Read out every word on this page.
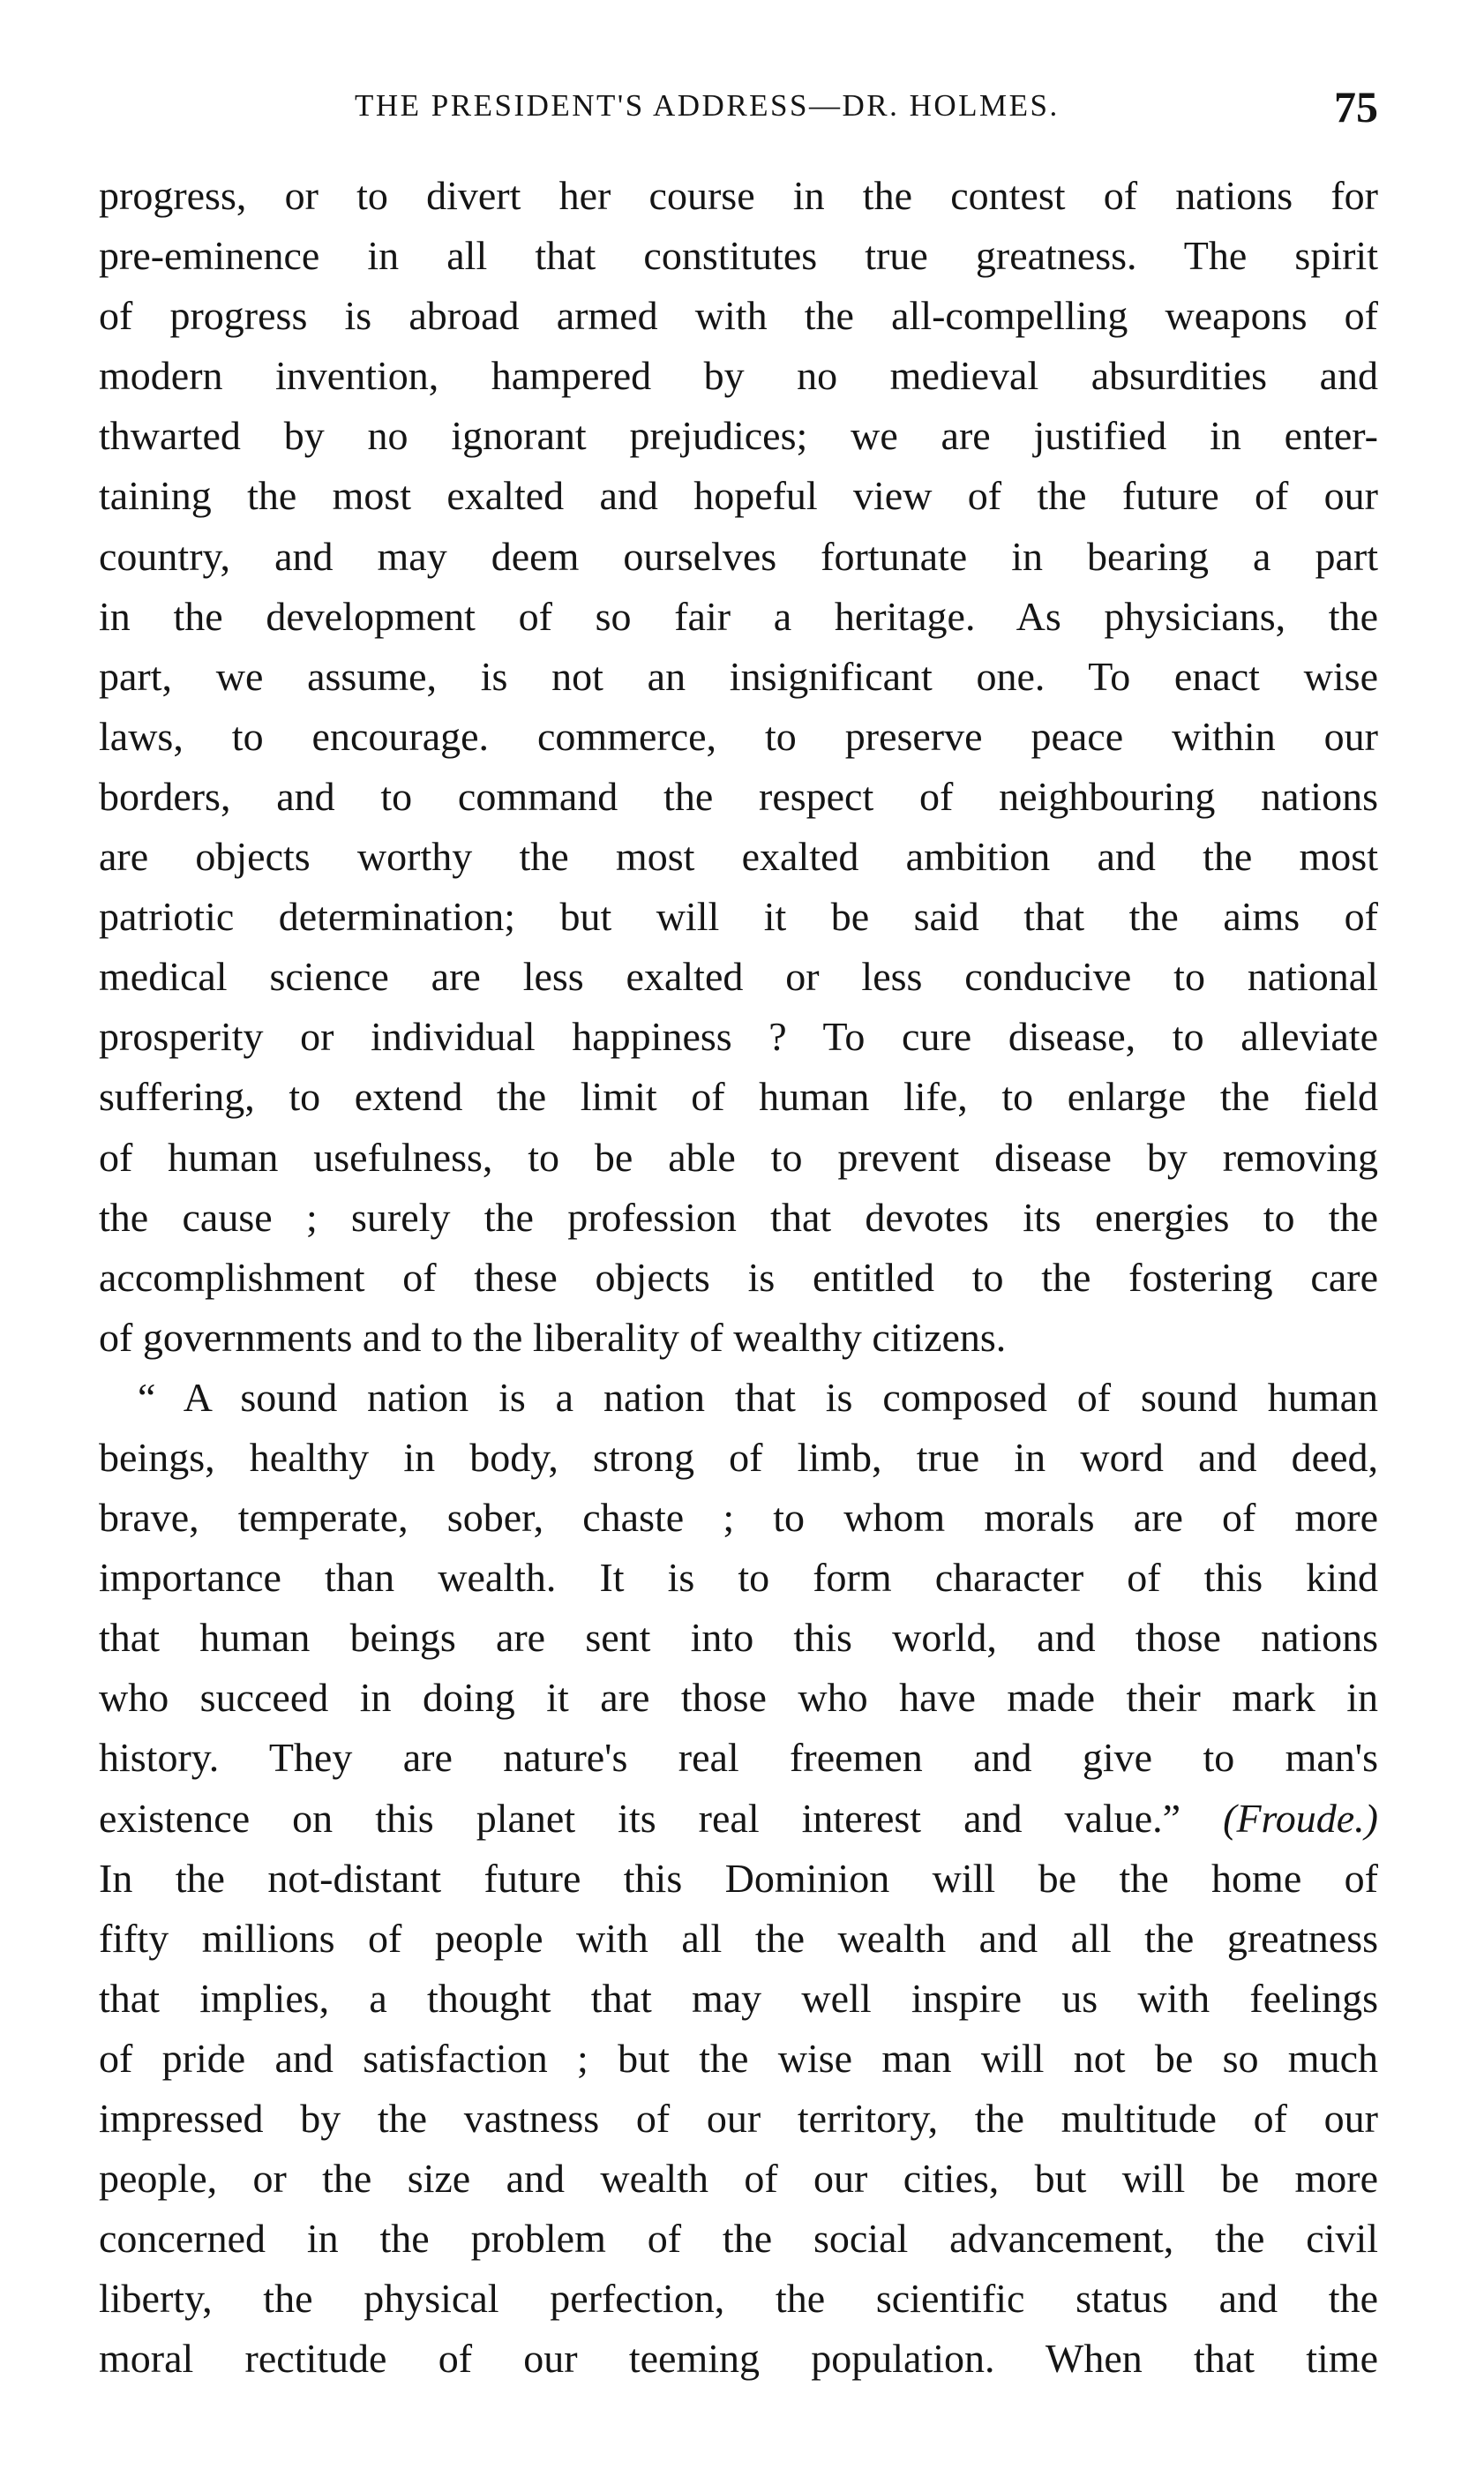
THE PRESIDENT'S ADDRESS—DR. HOLMES.	75
progress, or to divert her course in the contest of nations for
pre-eminence in all that constitutes true greatness. The spirit
of progress is abroad armed with the all-compelling weapons of
modern invention, hampered by no medieval absurdities and
thwarted by no ignorant prejudices; we are justified in enter-
taining the most exalted and hopeful view of the future of our
country, and may deem ourselves fortunate in bearing a part
in the development of so fair a heritage. As physicians, the
part, we assume, is not an insignificant one. To enact wise
laws, to encourage. commerce, to preserve peace within our
borders, and to command the respect of neighbouring nations
are objects worthy the most exalted ambition and the most
patriotic determination; but will it be said that the aims of
medical science are less exalted or less conducive to national
prosperity or individual happiness ? To cure disease, to alleviate
suffering, to extend the limit of human life, to enlarge the field
of human usefulness, to be able to prevent disease by removing
the cause ; surely the profession that devotes its energies to the
accomplishment of these objects is entitled to the fostering care
of governments and to the liberality of wealthy citizens.
“ A sound nation is a nation that is composed of sound human
beings, healthy in body, strong of limb, true in word and deed,
brave, temperate, sober, chaste ; to whom morals are of more
importance than wealth. It is to form character of this kind
that human beings are sent into this world, and those nations
who succeed in doing it are those who have made their mark in
history. They are nature's real freemen and give to man's
existence on this planet its real interest and value.” (Froude.)
In the not-distant future this Dominion will be the home of
fifty millions of people with all the wealth and all the greatness
that implies, a thought that may well inspire us with feelings
of pride and satisfaction ; but the wise man will not be so much
impressed by the vastness of our territory, the multitude of our
people, or the size and wealth of our cities, but will be more
concerned in the problem of the social advancement, the civil
liberty, the physical perfection, the scientific status and the
moral rectitude of our teeming population. When that time
